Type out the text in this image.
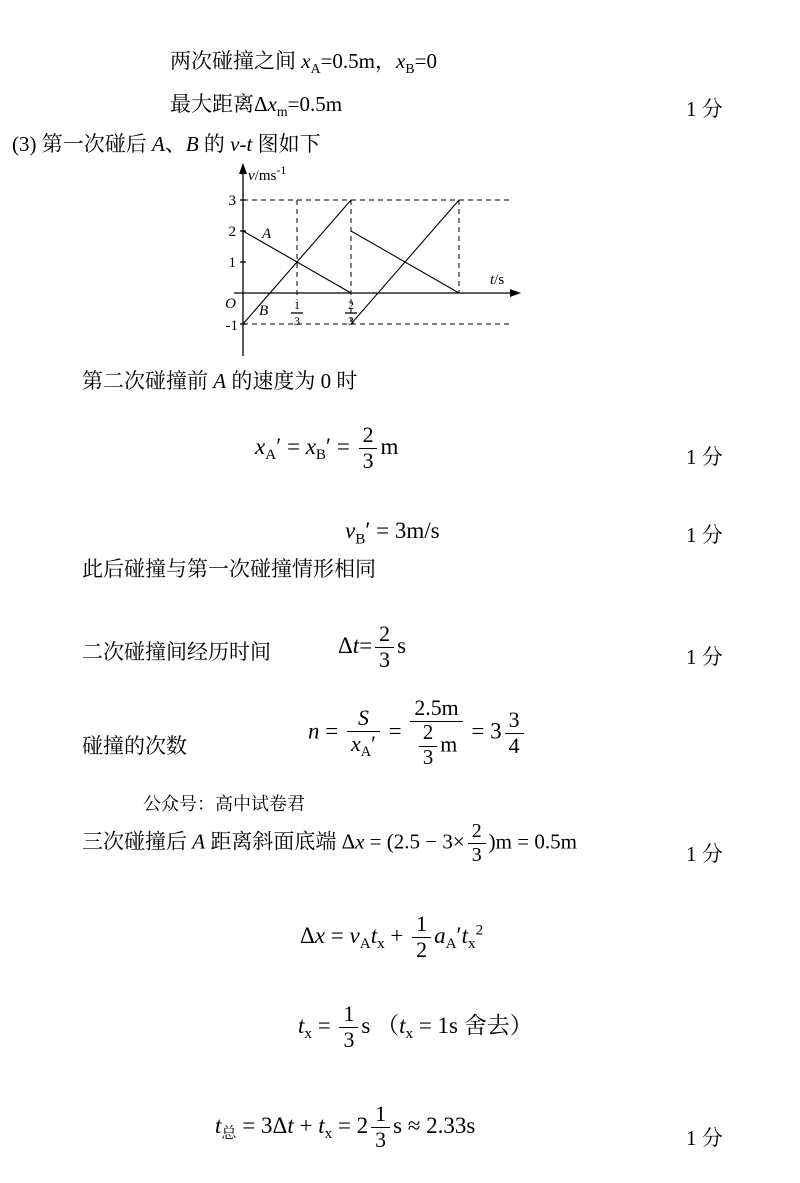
两次碰撞之间 $x_A=0.5m$，$x_B=0$
最大距离$\Delta x_m=0.5m$	1 分
(3) 第一次碰后 A、B 的 v-t 图如下
$v/ms^{-1}$
t/s
3
2
1
O
-1
A
B 1
3
2
3
第二次碰撞前 A 的速度为 0 时
$x_A' = x_B' = \frac{2}{3}$ m	1 分
$v_B' = 3m/s$	1 分
此后碰撞与第一次碰撞情形相同
二次碰撞间经历时间	$\Delta t= \frac{2}{3}$ s	1 分
碰撞的次数
$n = \frac{S}{x_A'} = \frac{2.5m}{\frac{2}{3} m} = 3 \frac{3}{4}$
公众号：高中试卷君
三次碰撞后 A 距离斜面底端 $\Delta x = (2.5 - 3\times \frac{2}{3} )m = 0.5m$
1 分
$\Delta x = v_At_x + \frac{1}{2} a_A't_x^2$
$t_x = \frac{1}{3}$ s （$t_x = 1s$ 舍去）
$t_总 = 3\Delta t + t_x = 2 \frac{1}{3}$ s ≈ 2.33s
1 分
